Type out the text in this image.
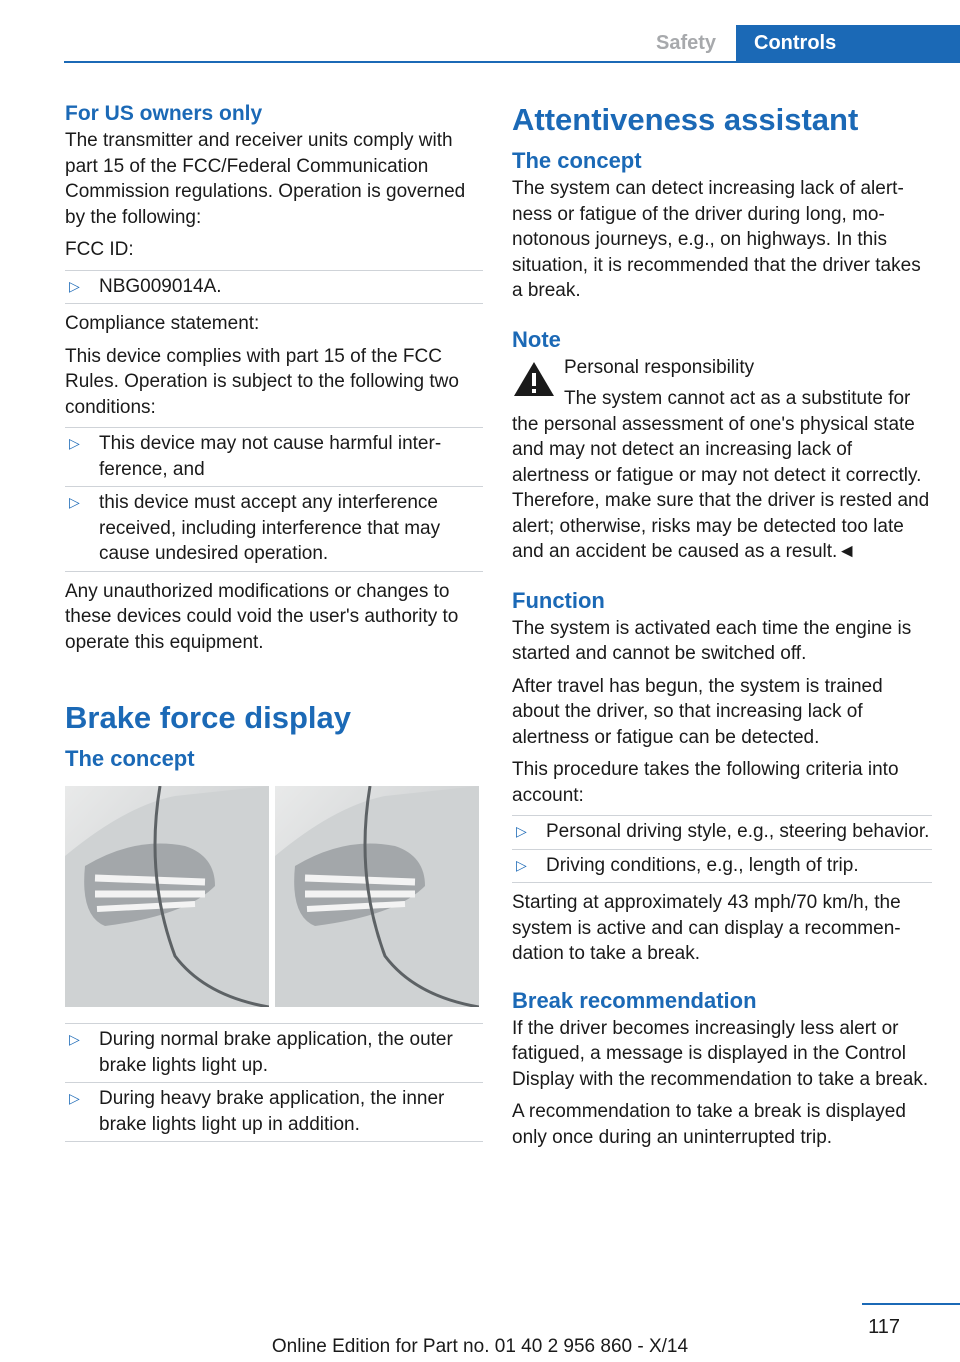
Safety	Controls
For US owners only

The transmitter and receiver units comply with part 15 of the FCC/Federal Communication Commission regulations. Operation is governed by the following:

FCC ID:

▷ NBG009014A.

Compliance statement:

This device complies with part 15 of the FCC Rules. Operation is subject to the following two conditions:

▷ This device may not cause harmful interference, and
▷ this device must accept any interference received, including interference that may cause undesired operation.

Any unauthorized modifications or changes to these devices could void the user's authority to operate this equipment.

Brake force display
The concept
▷ During normal brake application, the outer brake lights light up.
▷ During heavy brake application, the inner brake lights light up in addition.
Attentiveness assistant
The concept

The system can detect increasing lack of alertness or fatigue of the driver during long, monotonous journeys, e.g., on highways. In this situation, it is recommended that the driver takes a break.

Note

Personal responsibility

The system cannot act as a substitute for the personal assessment of one's physical state and may not detect an increasing lack of alertness or fatigue or may not detect it correctly. Therefore, make sure that the driver is rested and alert; otherwise, risks may be detected too late and an accident be caused as a result.◄

Function

The system is activated each time the engine is started and cannot be switched off.

After travel has begun, the system is trained about the driver, so that increasing lack of alertness or fatigue can be detected.

This procedure takes the following criteria into account:

▷ Personal driving style, e.g., steering behavior.
▷ Driving conditions, e.g., length of trip.

Starting at approximately 43 mph/70 km/h, the system is active and can display a recommendation to take a break.

Break recommendation

If the driver becomes increasingly less alert or fatigued, a message is displayed in the Control Display with the recommendation to take a break.

A recommendation to take a break is displayed only once during an uninterrupted trip.

117
Online Edition for Part no. 01 40 2 956 860 - X/14
